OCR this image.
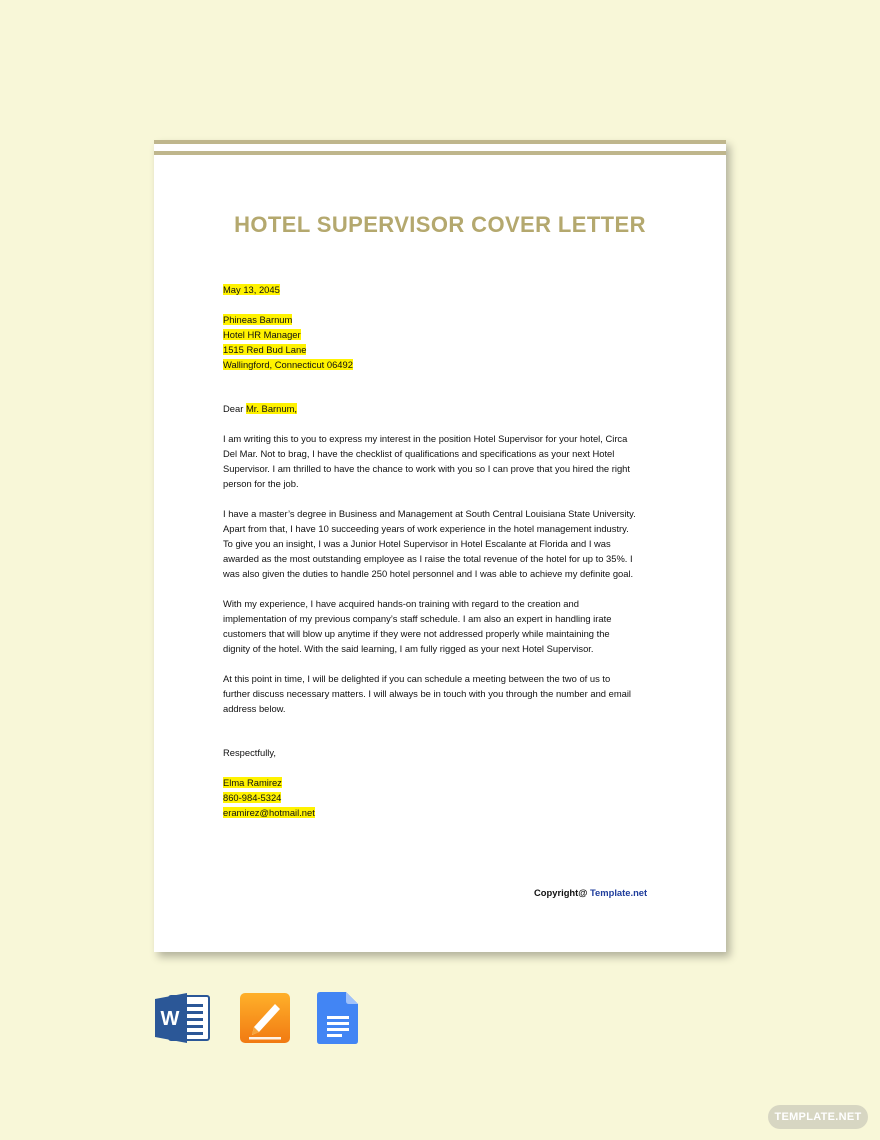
HOTEL SUPERVISOR COVER LETTER

May 13, 2045

Phineas Barnum

Hotel HR Manager

1515 Red Bud Lane

Wallingford, Connecticut 06492

Dear Mr. Barnum,

I am writing this to you to express my interest in the position Hotel Supervisor for your hotel, Circa

Del Mar. Not to brag, I have the checklist of qualifications and specifications as your next Hotel

Supervisor. I am thrilled to have the chance to work with you so I can prove that you hired the right

person for the job.

I have a master’s degree in Business and Management at South Central Louisiana State University.

Apart from that, I have 10 succeeding years of work experience in the hotel management industry.

To give you an insight, I was a Junior Hotel Supervisor in Hotel Escalante at Florida and I was

awarded as the most outstanding employee as I raise the total revenue of the hotel for up to 35%. I

was also given the duties to handle 250 hotel personnel and I was able to achieve my definite goal.

With my experience, I have acquired hands-on training with regard to the creation and

implementation of my previous company’s staff schedule. I am also an expert in handling irate

customers that will blow up anytime if they were not addressed properly while maintaining the

dignity of the hotel. With the said learning, I am fully rigged as your next Hotel Supervisor.

At this point in time, I will be delighted if you can schedule a meeting between the two of us to

further discuss necessary matters. I will always be in touch with you through the number and email

address below.

Respectfully,

Elma Ramirez

860-984-5324

eramirez@hotmail.net

Copyright@ Template.net
W
TEMPLATE.NET
